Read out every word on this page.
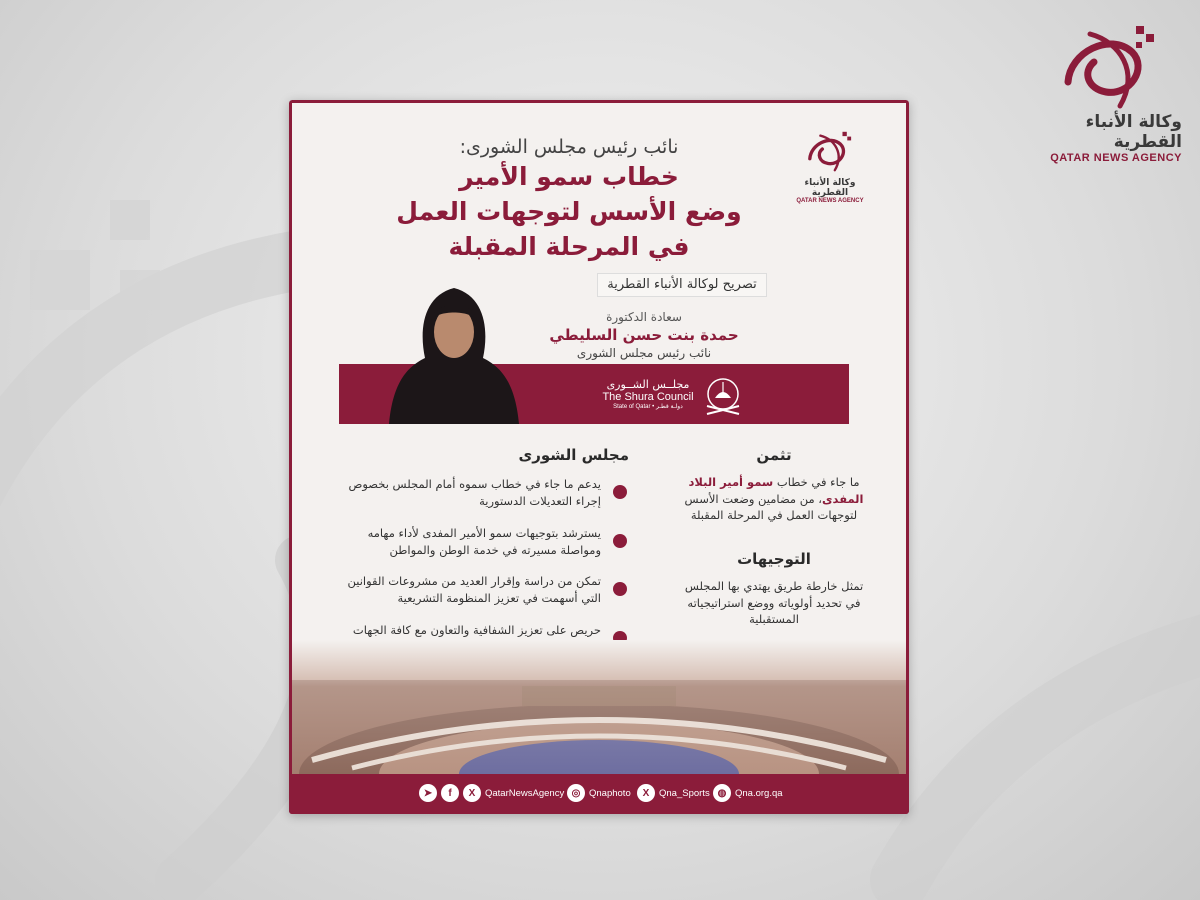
وكالة الأنباء القطرية
QATAR NEWS AGENCY
وكالة الأنباء القطرية
QATAR NEWS AGENCY
نائب رئيس مجلس الشورى:
خطاب سمو الأمير
وضع الأسس لتوجهات العمل
في المرحلة المقبلة
تصريح لوكالة الأنباء القطرية
سعادة الدكتورة
حمدة بنت حسن السليطي
نائب رئيس مجلس الشورى
مجلــس الشــورى
The Shura Council
State of Qatar • دولـة قطـر
تثمن

ما جاء في خطاب سمو أمير البلاد المفدى، من مضامين وضعت الأسس لتوجهات العمل في المرحلة المقبلة

التوجيهات

تمثل خارطة طريق يهتدي بها المجلس في تحديد أولوياته ووضع استراتيجياته المستقبلية

مجلس الشورى
يدعم ما جاء في خطاب سموه أمام المجلس بخصوص إجراء التعديلات الدستورية
يسترشد بتوجيهات سمو الأمير المفدى لأداء مهامه ومواصلة مسيرته في خدمة الوطن والمواطن
تمكن من دراسة وإقرار العديد من مشروعات القوانين التي أسهمت في تعزيز المنظومة التشريعية
حريص على تعزيز الشفافية والتعاون مع كافة الجهات
➤	f	X	QatarNewsAgency ◎ Qnaphoto	X	Qna_Sports ◍ Qna.org.qa
